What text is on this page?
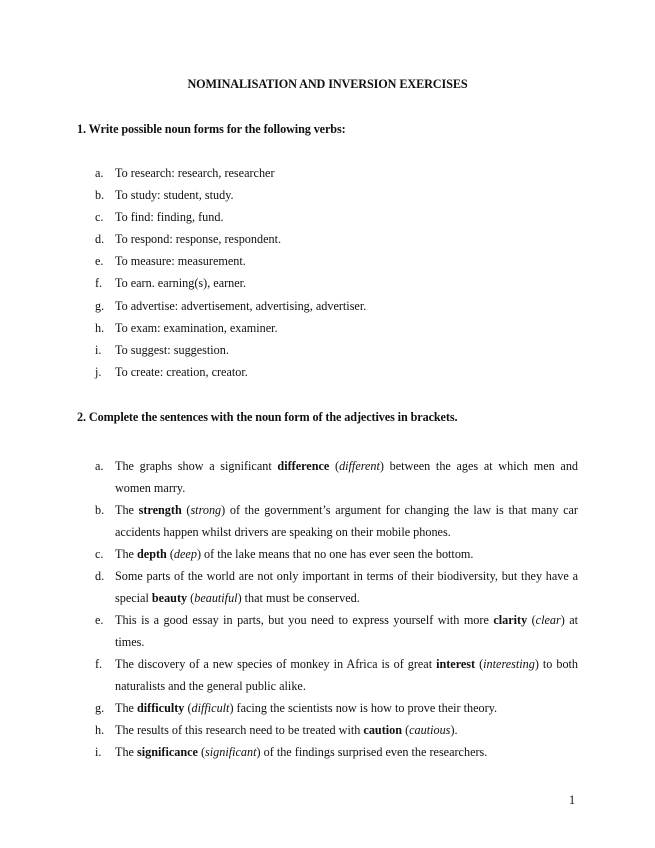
NOMINALISATION AND INVERSION EXERCISES
1. Write possible noun forms for the following verbs:
a. To research: research, researcher
b. To study: student, study.
c. To find: finding, fund.
d. To respond: response, respondent.
e. To measure: measurement.
f. To earn. earning(s), earner.
g. To advertise: advertisement, advertising, advertiser.
h. To exam: examination, examiner.
i. To suggest: suggestion.
j. To create: creation, creator.
2. Complete the sentences with the noun form of the adjectives in brackets.
a. The graphs show a significant difference (different) between the ages at which men and women marry.
b. The strength (strong) of the government’s argument for changing the law is that many car accidents happen whilst drivers are speaking on their mobile phones.
c. The depth (deep) of the lake means that no one has ever seen the bottom.
d. Some parts of the world are not only important in terms of their biodiversity, but they have a special beauty (beautiful) that must be conserved.
e. This is a good essay in parts, but you need to express yourself with more clarity (clear) at times.
f. The discovery of a new species of monkey in Africa is of great interest (interesting) to both naturalists and the general public alike.
g. The difficulty (difficult) facing the scientists now is how to prove their theory.
h. The results of this research need to be treated with caution (cautious).
i. The significance (significant) of the findings surprised even the researchers.
1
